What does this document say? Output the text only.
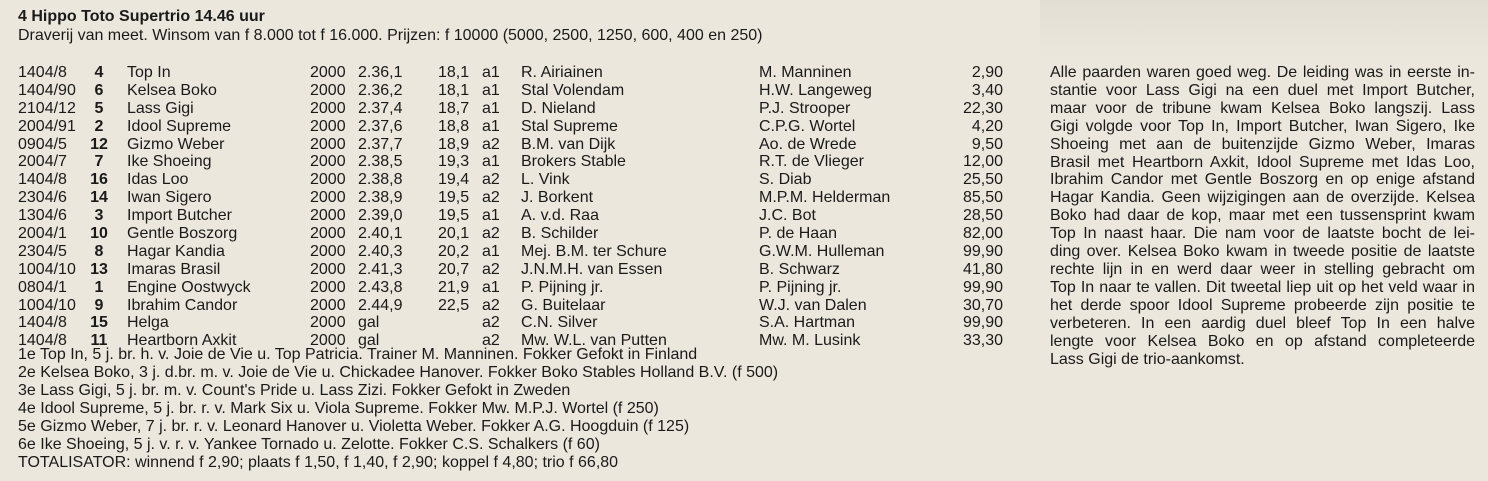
4 Hippo Toto Supertrio 14.46 uur
Draverij van meet. Winsom van f 8.000 tot f 16.000. Prijzen: f 10000 (5000, 2500, 1250, 600, 400 en 250)
1404/8	4	Top In	2000 2.36,1 18,1 a1 R. Airiainen	M. Manninen	2,90
1404/90	6	Kelsea Boko	2000 2.36,2 18,1 a1 Stal Volendam	H.W. Langeweg	3,40
2104/12	5	Lass Gigi	2000 2.37,4 18,7 a1 D. Nieland	P.J. Strooper	22,30
2004/91	2	Idool Supreme	2000 2.37,6 18,8 a1 Stal Supreme	C.P.G. Wortel	4,20
0904/5	12 Gizmo Weber	2000 2.37,7 18,9 a2 B.M. van Dijk	Ao. de Wrede	9,50
2004/7	7	Ike Shoeing	2000 2.38,5 19,3 a1 Brokers Stable	R.T. de Vlieger	12,00
1404/8	16 Idas Loo	2000 2.38,8 19,4 a2 L. Vink	S. Diab	25,50
2304/6	14 Iwan Sigero	2000 2.38,9 19,5 a2 J. Borkent	M.P.M. Helderman	85,50
1304/6	3	Import Butcher	2000 2.39,0 19,5 a1 A. v.d. Raa	J.C. Bot	28,50
2004/1	10 Gentle Boszorg	2000 2.40,1 20,1 a2 B. Schilder	P. de Haan	82,00
2304/5	8	Hagar Kandia	2000 2.40,3 20,2 a1 Mej. B.M. ter Schure	G.W.M. Hulleman	99,90
1004/10 13 Imaras Brasil	2000 2.41,3 20,7 a2 J.N.M.H. van Essen	B. Schwarz	41,80
0804/1	1	Engine Oostwyck	2000 2.43,8 21,9 a1 P. Pijning jr.	P. Pijning jr.	99,90
1004/10	9	Ibrahim Candor	2000 2.44,9 22,5 a2 G. Buitelaar	W.J. van Dalen	30,70
1404/8	15 Helga	2000 gal	a2 C.N. Silver	S.A. Hartman	99,90
1404/8	11 Heartborn Axkit	2000 gal	a2 Mw. W.L. van Putten	Mw. M. Lusink	33,30
1e Top In, 5 j. br. h. v. Joie de Vie u. Top Patricia. Trainer M. Manninen. Fokker Gefokt in Finland
2e Kelsea Boko, 3 j. d.br. m. v. Joie de Vie u. Chickadee Hanover. Fokker Boko Stables Holland B.V. (f 500)
3e Lass Gigi, 5 j. br. m. v. Count's Pride u. Lass Zizi. Fokker Gefokt in Zweden
4e Idool Supreme, 5 j. br. r. v. Mark Six u. Viola Supreme. Fokker Mw. M.P.J. Wortel (f 250)
5e Gizmo Weber, 7 j. br. r. v. Leonard Hanover u. Violetta Weber. Fokker A.G. Hoogduin (f 125)
6e Ike Shoeing, 5 j. v. r. v. Yankee Tornado u. Zelotte. Fokker C.S. Schalkers (f 60)
TOTALISATOR: winnend f 2,90; plaats f 1,50, f 1,40, f 2,90; koppel f 4,80; trio f 66,80
Alle paarden waren goed weg. De leiding was in eerste in-
stantie voor Lass Gigi na een duel met Import Butcher,
maar voor de tribune kwam Kelsea Boko langszij. Lass
Gigi volgde voor Top In, Import Butcher, Iwan Sigero, Ike
Shoeing met aan de buitenzijde Gizmo Weber, Imaras
Brasil met Heartborn Axkit, Idool Supreme met Idas Loo,
Ibrahim Candor met Gentle Boszorg en op enige afstand
Hagar Kandia. Geen wijzigingen aan de overzijde. Kelsea
Boko had daar de kop, maar met een tussensprint kwam
Top In naast haar. Die nam voor de laatste bocht de lei-
ding over. Kelsea Boko kwam in tweede positie de laatste
rechte lijn in en werd daar weer in stelling gebracht om
Top In naar te vallen. Dit tweetal liep uit op het veld waar in
het derde spoor Idool Supreme probeerde zijn positie te
verbeteren. In een aardig duel bleef Top In een halve
lengte voor Kelsea Boko en op afstand completeerde
Lass Gigi de trio-aankomst.
